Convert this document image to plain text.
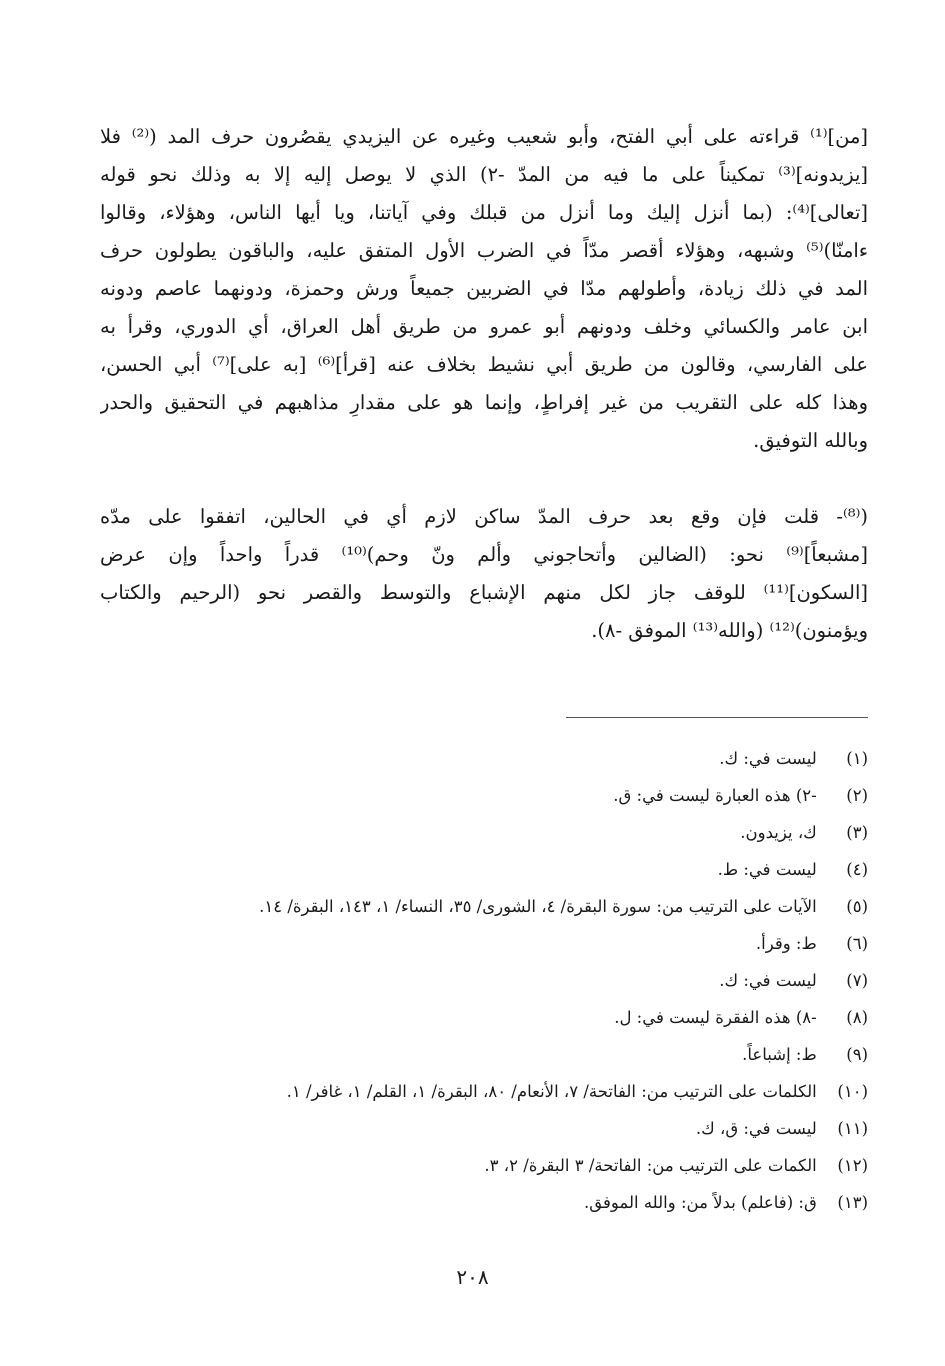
[من]⁽¹⁾ قراءته على أبي الفتح، وأبو شعيب وغيره عن اليزيدي يقصُرون حرف المد (⁽²⁾ فلا
[يزيدونه]⁽³⁾ تمكيناً على ما فيه من المدّ -٢) الذي لا يوصل إليه إلا به وذلك نحو قوله
[تعالى]⁽⁴⁾: (بما أنزل إليك وما أنزل من قبلك وفي آياتنا، ويا أيها الناس، وهؤلاء، وقالوا
ءامنّا)⁽⁵⁾ وشبهه، وهؤلاء أقصر مدّاً في الضرب الأول المتفق عليه، والباقون يطولون حرف
المد في ذلك زيادة، وأطولهم مدّا في الضربين جميعاً ورش وحمزة، ودونهما عاصم ودونه
ابن عامر والكسائي وخلف ودونهم أبو عمرو من طريق أهل العراق، أي الدوري، وقرأ به
على الفارسي، وقالون من طريق أبي نشيط بخلاف عنه [قرأ]⁽⁶⁾ [به على]⁽⁷⁾ أبي الحسن،
وهذا كله على التقريب من غير إفراطٍ، وإنما هو على مقدارِ مذاهبهم في التحقيق والحدر
وبالله التوفيق.
(⁽⁸⁾- قلت فإن وقع بعد حرف المدّ ساكن لازم أي في الحالين، اتفقوا على مدّه
[مشبعاً]⁽⁹⁾ نحو: (الضالين وأتحاجوني وألم ونّ وحم)⁽¹⁰⁾ قدراً واحداً وإن عرض
[السكون]⁽¹¹⁾ للوقف جاز لكل منهم الإشباع والتوسط والقصر نحو (الرحيم والكتاب
ويؤمنون)⁽¹²⁾ (والله⁽¹³⁾ الموفق -٨).
(١) ليست في: ك.
(٢) -٢) هذه العبارة ليست في: ق.
(٣) ك، يزيدون.
(٤) ليست في: ط.
(٥) الآيات على الترتيب من: سورة البقرة/ ٤، الشورى/ ٣٥، النساء/ ١، ١٤٣، البقرة/ ١٤.
(٦) ط: وقرأ.
(٧) ليست في: ك.
(٨) -٨) هذه الفقرة ليست في: ل.
(٩) ط: إشباعاً.
(١٠) الكلمات على الترتيب من: الفاتحة/ ٧، الأنعام/ ٨٠، البقرة/ ١، القلم/ ١، غافر/ ١.
(١١) ليست في: ق، ك.
(١٢) الكمات على الترتيب من: الفاتحة/ ٣ البقرة/ ٢، ٣.
(١٣) ق: (فاعلم) بدلاً من: والله الموفق.
٢٠٨
